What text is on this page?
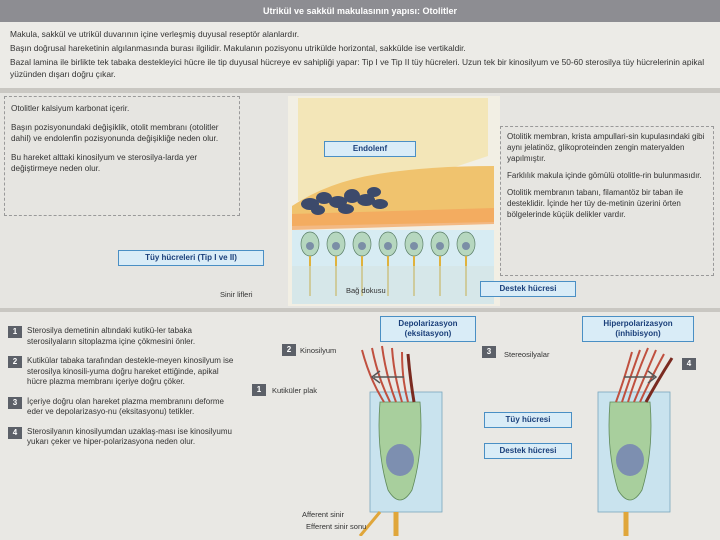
Utrikül ve sakkül makulasının yapısı: Otolitler

Makula, sakkül ve utrikül duvarının içine verleşmiş duyusal reseptör alanlardır.

Başın doğrusal hareketinin algılanmasında burası ilgilidir. Makulanın pozisyonu utrikülde horizontal, sakkülde ise vertikaldir.

Bazal lamina ile birlikte tek tabaka destekleyici hücre ile tip duyusal hücreye ev sahipliği yapar: Tip I ve Tip II tüy hücreleri. Uzun tek bir kinosilyum ve 50-60 sterosilya tüy hücrelerinin apikal yüzünden dışarı doğru çıkar.

Endolenf
Tüy hücreleri (Tip I ve II)
Sinir lifleri	Bağ dokusu	Destek hücresi

Otolitler kalsiyum karbonat içerir.

Başın pozisyonundaki değişiklik, otolit membranı (otolitler dahil) ve endolenfin pozisyonunda değişikliğe neden olur.

Bu hareket alttaki kinosilyum ve sterosilya-larda yer değiştirmeye neden olur.

Otolitik membran, krista ampullari-sin kupulasındaki gibi aynı jelatinöz, glikoproteinden zengin materyalden yapılmıştır.

Farklılık makula içinde gömülü otolitle-rin bulunmasıdır.

Otolitik membranın tabanı, filamantöz bir taban ile desteklidir. İçinde her tüy de-metinin üzerini örten bölgelerinde küçük delikler vardır.

1	Sterosilya demetinin altındaki kutikü-ler tabaka sterosilyaların sitoplazma içine çökmesini önler.
2	Kutikülar tabaka tarafından destekle-meyen kinosilyum ise sterosilya kinosili-yuma doğru hareket ettiğinde, apikal hücre plazma membranı içeriye doğru çöker.
3	İçeriye doğru olan hareket plazma membranını deforme eder ve depolarizasyo-nu (eksitasyonu) tetikler.
4	Sterosilyanın kinosilyumdan uzaklaş-ması ise kinosilyumu yukarı çeker ve hiper-polarizasyona neden olur.
Depolarizasyon (eksitasyon)
Hiperpolarizasyon (inhibisyon)
2	Kinosilyum	3	Stereosilyalar
4
1	Kutiküler plak
Tüy hücresi
Destek hücresi
Afferent sinir
Efferent sinir sonu
